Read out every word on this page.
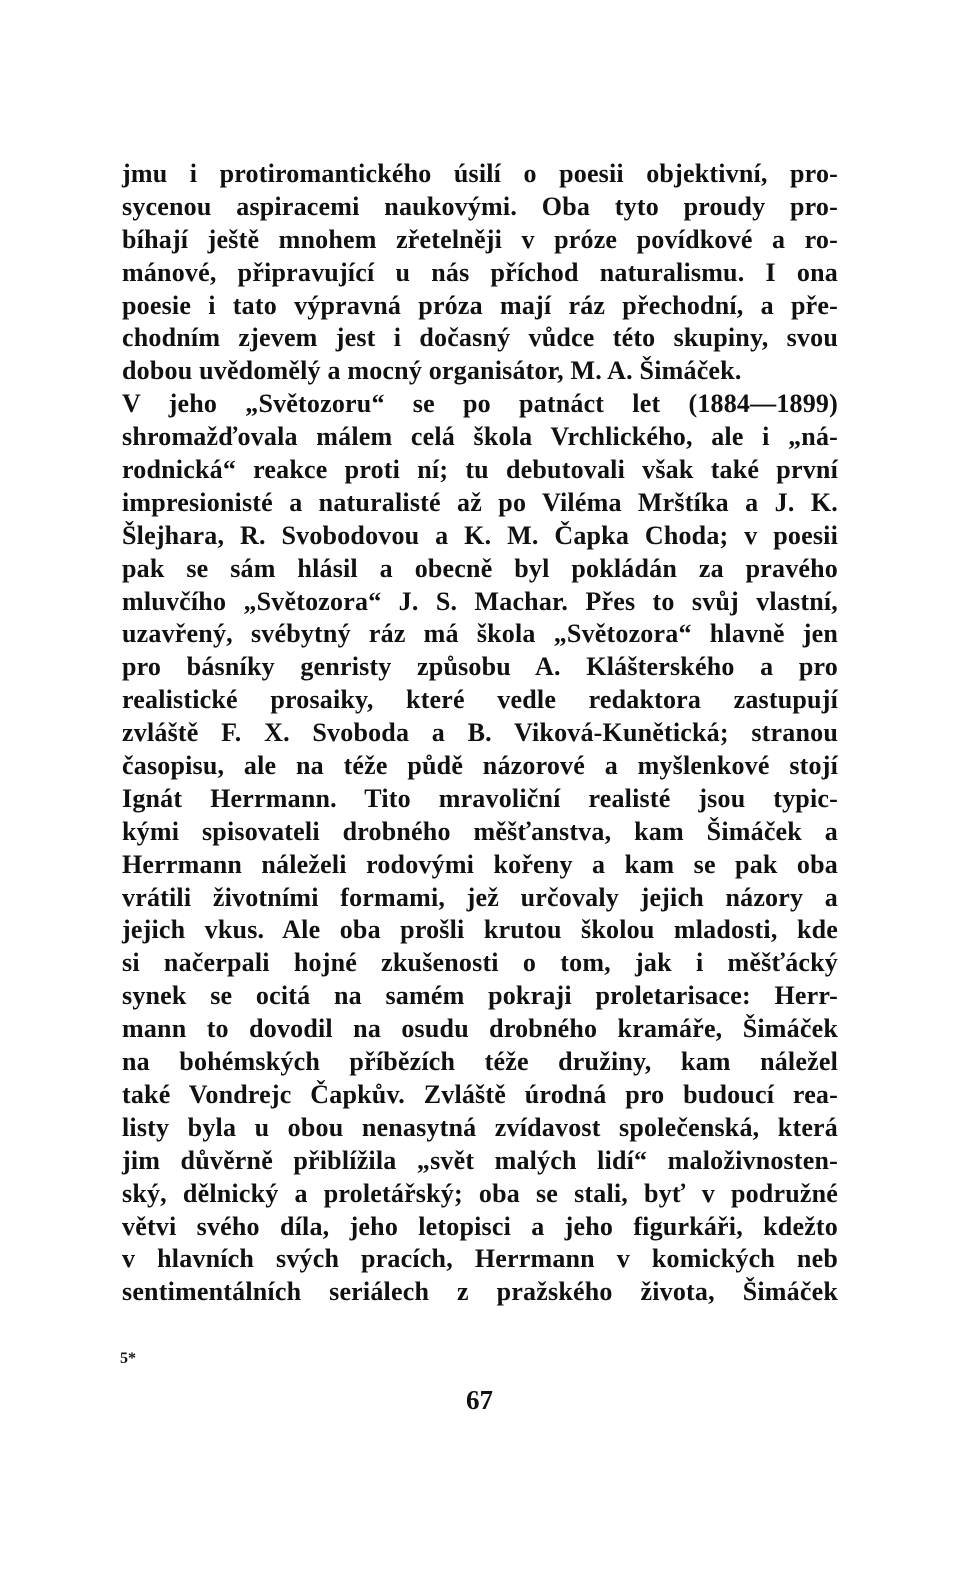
jmu i protiromantického úsilí o poesii objektivní, pro-
sycenou aspiracemi naukovými. Oba tyto proudy pro-
bíhají ještě mnohem zřetelněji v próze povídkové a ro-
mánové, připravující u nás příchod naturalismu. I ona
poesie i tato výpravná próza mají ráz přechodní, a pře-
chodním zjevem jest i dočasný vůdce této skupiny, svou
dobou uvědomělý a mocný organisátor, M. A. Šimáček.
V jeho „Světozoru“ se po patnáct let (1884—1899)
shromažďovala málem celá škola Vrchlického, ale i „ná-
rodnická“ reakce proti ní; tu debutovali však také první
impresionisté a naturalisté až po Viléma Mrštíka a J. K.
Šlejhara, R. Svobodovou a K. M. Čapka Choda; v poesii
pak se sám hlásil a obecně byl pokládán za pravého
mluvčího „Světozora“ J. S. Machar. Přes to svůj vlastní,
uzavřený, svébytný ráz má škola „Světozora“ hlavně jen
pro básníky genristy způsobu A. Klášterského a pro
realistické prosaiky, které vedle redaktora zastupují
zvláště F. X. Svoboda a B. Viková-Kunětická; stranou
časopisu, ale na téže půdě názorové a myšlenkové stojí
Ignát Herrmann. Tito mravoliční realisté jsou typic-
kými spisovateli drobného měšťanstva, kam Šimáček a
Herrmann náleželi rodovými kořeny a kam se pak oba
vrátili životními formami, jež určovaly jejich názory a
jejich vkus. Ale oba prošli krutou školou mladosti, kde
si načerpali hojné zkušenosti o tom, jak i měšťácký
synek se ocitá na samém pokraji proletarisace: Herr-
mann to dovodil na osudu drobného kramáře, Šimáček
na bohémských příbězích téže družiny, kam náležel
také Vondrejc Čapkův. Zvláště úrodná pro budoucí rea-
listy byla u obou nenasytná zvídavost společenská, která
jim důvěrně přiblížila „svět malých lidí“ maloživnosten-
ský, dělnický a proletářský; oba se stali, byť v podružné
větvi svého díla, jeho letopisci a jeho figurkáři, kdežto
v hlavních svých pracích, Herrmann v komických neb
sentimentálních seriálech z pražského života, Šimáček
5*
67
